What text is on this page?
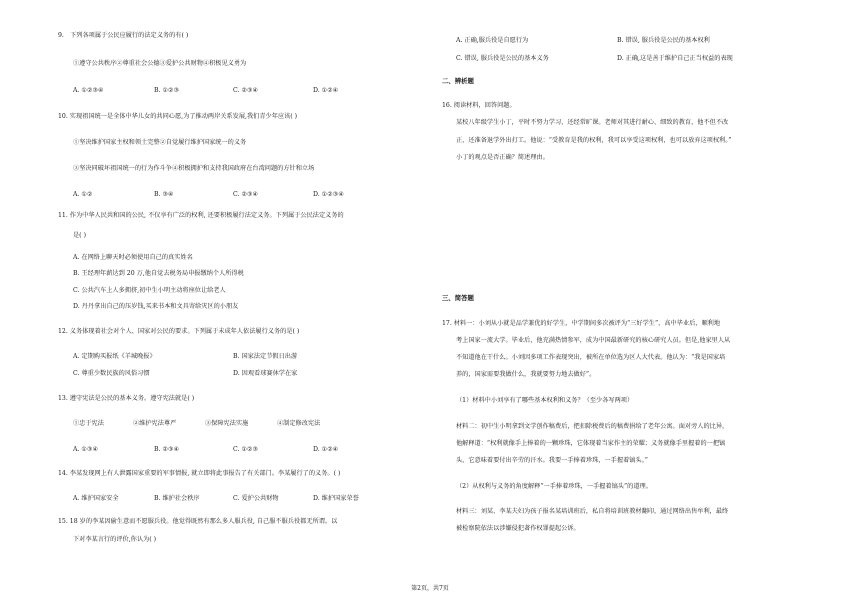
9.　下列各项属于公民应履行的法定义务的有( )
①遵守公共秩序②尊重社会公德③爱护公共财物④积极见义勇为
A. ①②③④	B. ①②③	C. ②③④	D. ①②④
10. 实现祖国统一是全体中华儿女的共同心愿,为了推动两岸关系发展,我们青少年应该( )
①坚决维护国家主权和领土完整②自觉履行维护国家统一的义务
③坚决同破坏祖国统一的行为作斗争④积极拥护和支持我国政府在台湾问题的方针和立场
A. ①②	B. ③④	C. ②③④	D. ①②③④
11. 作为中华人民共和国的公民, 不仅享有广泛的权利, 还要积极履行法定义务。下列属于公民法定义务的
是( )
A. 在网络上聊天时必须使用自己的真实姓名
B. 王经理年薪达到 20 万,他自觉去税务局申报缴纳个人所得税
C. 公共汽车上人多拥挤,初中生小明主动将座位让给老人
D. 丹丹拿出自己的压岁钱,买来书本和文具寄给灾区的小朋友
12. 义务体现着社会对个人、国家对公民的要求。下列属于未成年人依法履行义务的是( )
A. 定期购买报纸《羊城晚报》	B. 国家法定节假日出游
C. 尊重少数民族的风俗习惯	D. 因观看球赛休学在家
13. 遵守宪法是公民的基本义务。遵守宪法就是( )
①忠于宪法	②维护宪法尊严	③保障宪法实施	④制定修改宪法
A. ①③④	B. ②③④	C. ①②③	D. ①②④
14. 李某发现网上有人泄露国家重要的军事情报, 就立即将此事报告了有关部门。李某履行了的义务。( )
A. 维护国家安全	B. 维护社会秩序	C. 爱护公共财物	D. 维护国家荣誉
15. 18 岁的李某因偷生意而不愿服兵役。他觉得既然有那么多人服兵役, 自己服不服兵役都无所谓。以
下对李某言行的评价,你认为( )
A. 正确,服兵役是自愿行为	B. 错误, 服兵役是公民的基本权利
C. 错误, 服兵役是公民的基本义务	D. 正确,这是善于维护自己正当权益的表现
二、辨析题
16. 阅读材料，回答问题。
某校八年级学生小丁，平时不努力学习，还经常旷课。老师对其进行耐心、细致的教育，他不但不改
正，还准备退学外出打工。他说：“受教育是我的权利，我可以享受这项权利，也可以放弃这项权利。”
小丁的观点是否正确？简述理由。
三、简答题
17. 材料一：小刘从小就是品学兼优的好学生，中学期间多次被评为“三好学生”，高中毕业后，顺利地
考上国家一流大学。毕业后，他充满热情参军，成为中国最新研究的核心研究人员。但是,他家里人从
不知道他在干什么。小刘因多项工作表现突出，被所在单位选为区人大代表。他认为：“我是国家培
养的，国家需要我做什么，我就要努力地去做好”。
（1）材料中小刘享有了哪些基本权利和义务？（至少各写两项）
材料二：初中生小明拿到文学创作稿费后，把扣除税费后的稿费捐给了老年公寓。面对旁人的比异，
他解释道：“权利就像手上捧着的一颗珍珠，它体现着当家作主的荣耀；义务就像手里握着的一把镐
头，它意味着要付出辛劳的汗水。我要一手捧着珍珠，一手握着镐头。”
（2）从权利与义务的角度解释“一手捧着珍珠，一手握着镐头”的道理。
材料三：刘某、李某夫妇为孩子报名某培训班后，私自将培训班教材翻印，通过网络出售牟利，最终
被检察院依法以涉嫌侵犯著作权罪提起公诉。
第2页，共7页
